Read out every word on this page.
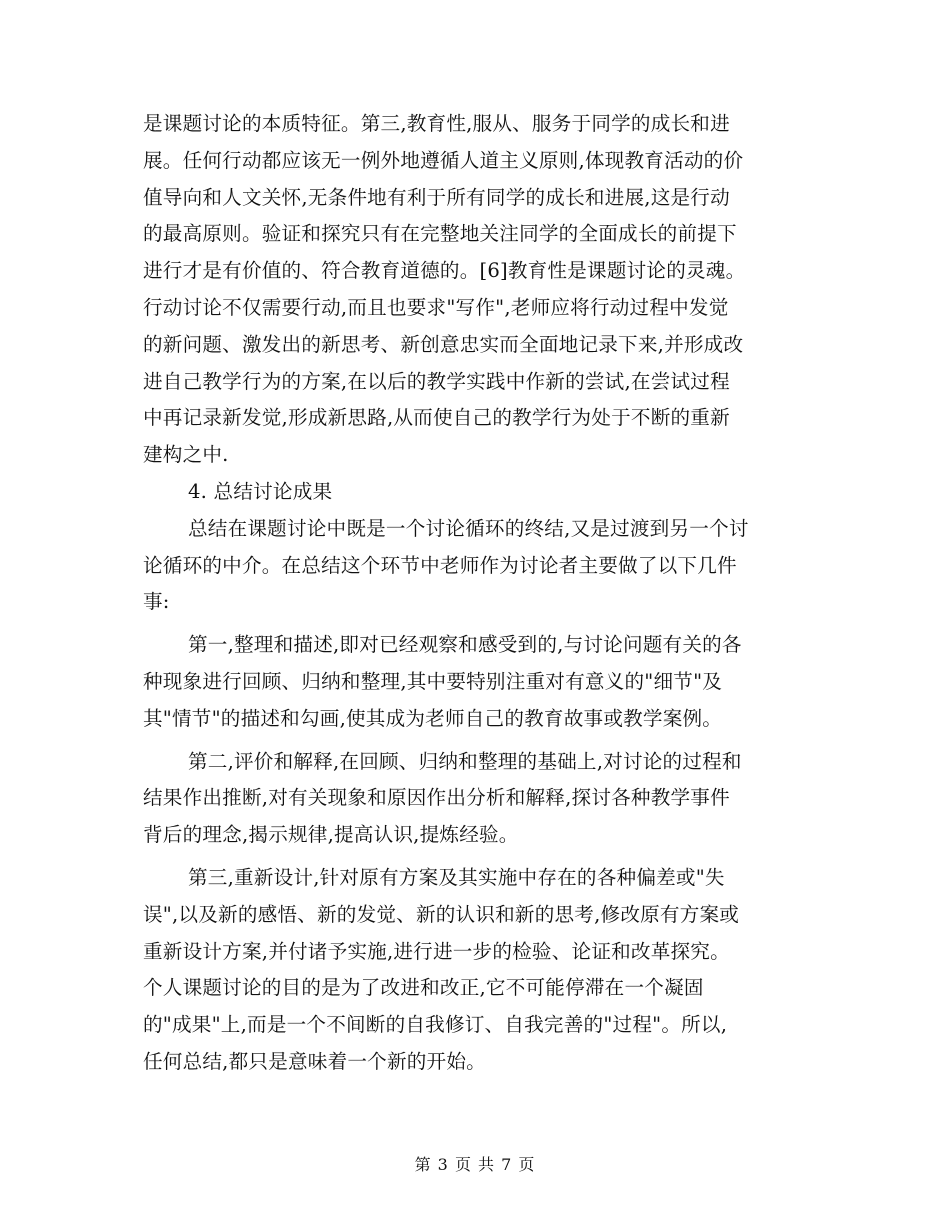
是课题讨论的本质特征。第三,教育性,服从、服务于同学的成长和进
展。任何行动都应该无一例外地遵循人道主义原则,体现教育活动的价
值导向和人文关怀,无条件地有利于所有同学的成长和进展,这是行动
的最高原则。验证和探究只有在完整地关注同学的全面成长的前提下
进行才是有价值的、符合教育道德的。[6]教育性是课题讨论的灵魂。
行动讨论不仅需要行动,而且也要求"写作",老师应将行动过程中发觉
的新问题、激发出的新思考、新创意忠实而全面地记录下来,并形成改
进自己教学行为的方案,在以后的教学实践中作新的尝试,在尝试过程
中再记录新发觉,形成新思路,从而使自己的教学行为处于不断的重新
建构之中.
4. 总结讨论成果
总结在课题讨论中既是一个讨论循环的终结,又是过渡到另一个讨
论循环的中介。在总结这个环节中老师作为讨论者主要做了以下几件
事:
第一,整理和描述,即对已经观察和感受到的,与讨论问题有关的各
种现象进行回顾、归纳和整理,其中要特别注重对有意义的"细节"及
其"情节"的描述和勾画,使其成为老师自己的教育故事或教学案例。
第二,评价和解释,在回顾、归纳和整理的基础上,对讨论的过程和
结果作出推断,对有关现象和原因作出分析和解释,探讨各种教学事件
背后的理念,揭示规律,提高认识,提炼经验。
第三,重新设计,针对原有方案及其实施中存在的各种偏差或"失
误",以及新的感悟、新的发觉、新的认识和新的思考,修改原有方案或
重新设计方案,并付诸予实施,进行进一步的检验、论证和改革探究。
个人课题讨论的目的是为了改进和改正,它不可能停滞在一个凝固
的"成果"上,而是一个不间断的自我修订、自我完善的"过程"。所以,
任何总结,都只是意味着一个新的开始。
第 3 页 共 7 页
